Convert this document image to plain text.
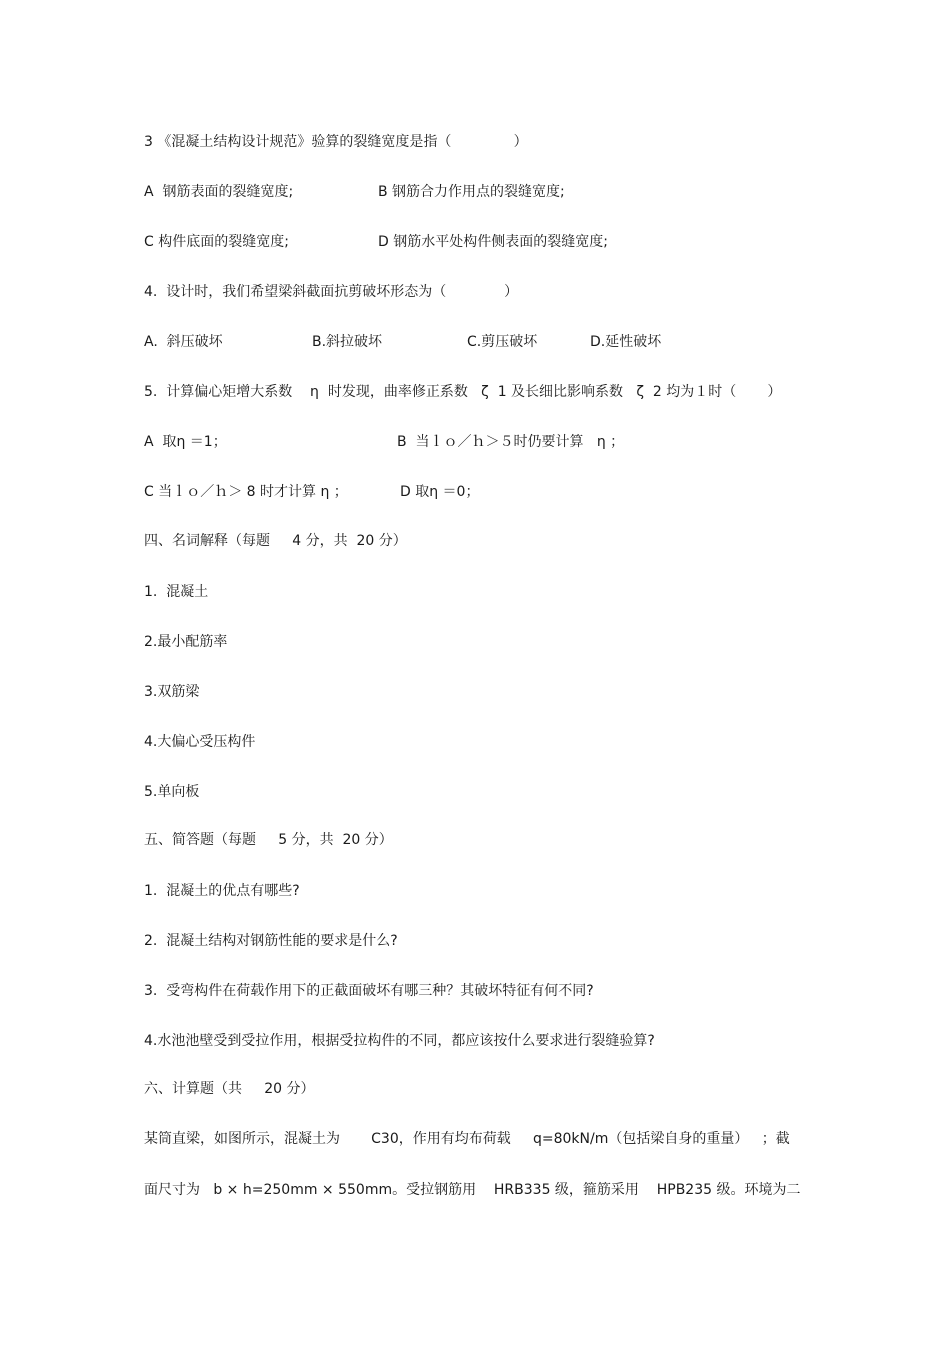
3 《混凝土结构设计规范》验算的裂缝宽度是指（              ）
A  钢筋表面的裂缝宽度;	B 钢筋合力作用点的裂缝宽度;
C 构件底面的裂缝宽度;	D 钢筋水平处构件侧表面的裂缝宽度;
4.  设计时，我们希望梁斜截面抗剪破坏形态为（             ）
A.  斜压破坏	B.斜拉破坏	C.剪压破坏	D.延性破坏
5.  计算偏心矩增大系数    η  时发现，曲率修正系数   ζ  1 及长细比影响系数   ζ  2 均为１时（       ）
A  取η ＝1；	B  当ｌｏ／ｈ＞５时仍要计算   η ；
C 当ｌｏ／ｈ＞ 8 时才计算 η ；	D 取η ＝0；
四、名词解释（每题     4 分，共  20 分）
1.  混凝土
2.最小配筋率
3.双筋梁
4.大偏心受压构件
5.单向板
五、简答题（每题     5 分，共  20 分）
1.  混凝土的优点有哪些?
2.  混凝土结构对钢筋性能的要求是什么?
3.  受弯构件在荷载作用下的正截面破坏有哪三种？其破坏特征有何不同?
4.水池池壁受到受拉作用，根据受拉构件的不同，都应该按什么要求进行裂缝验算?
六、计算题（共     20 分）
某筒直梁，如图所示，混凝土为       C30，作用有均布荷载     q=80kN/m（包括梁自身的重量）   ；截
面尺寸为   b × h=250mm × 550mm。受拉钢筋用    HRB335 级，箍筋采用    HPB235 级。环境为二
